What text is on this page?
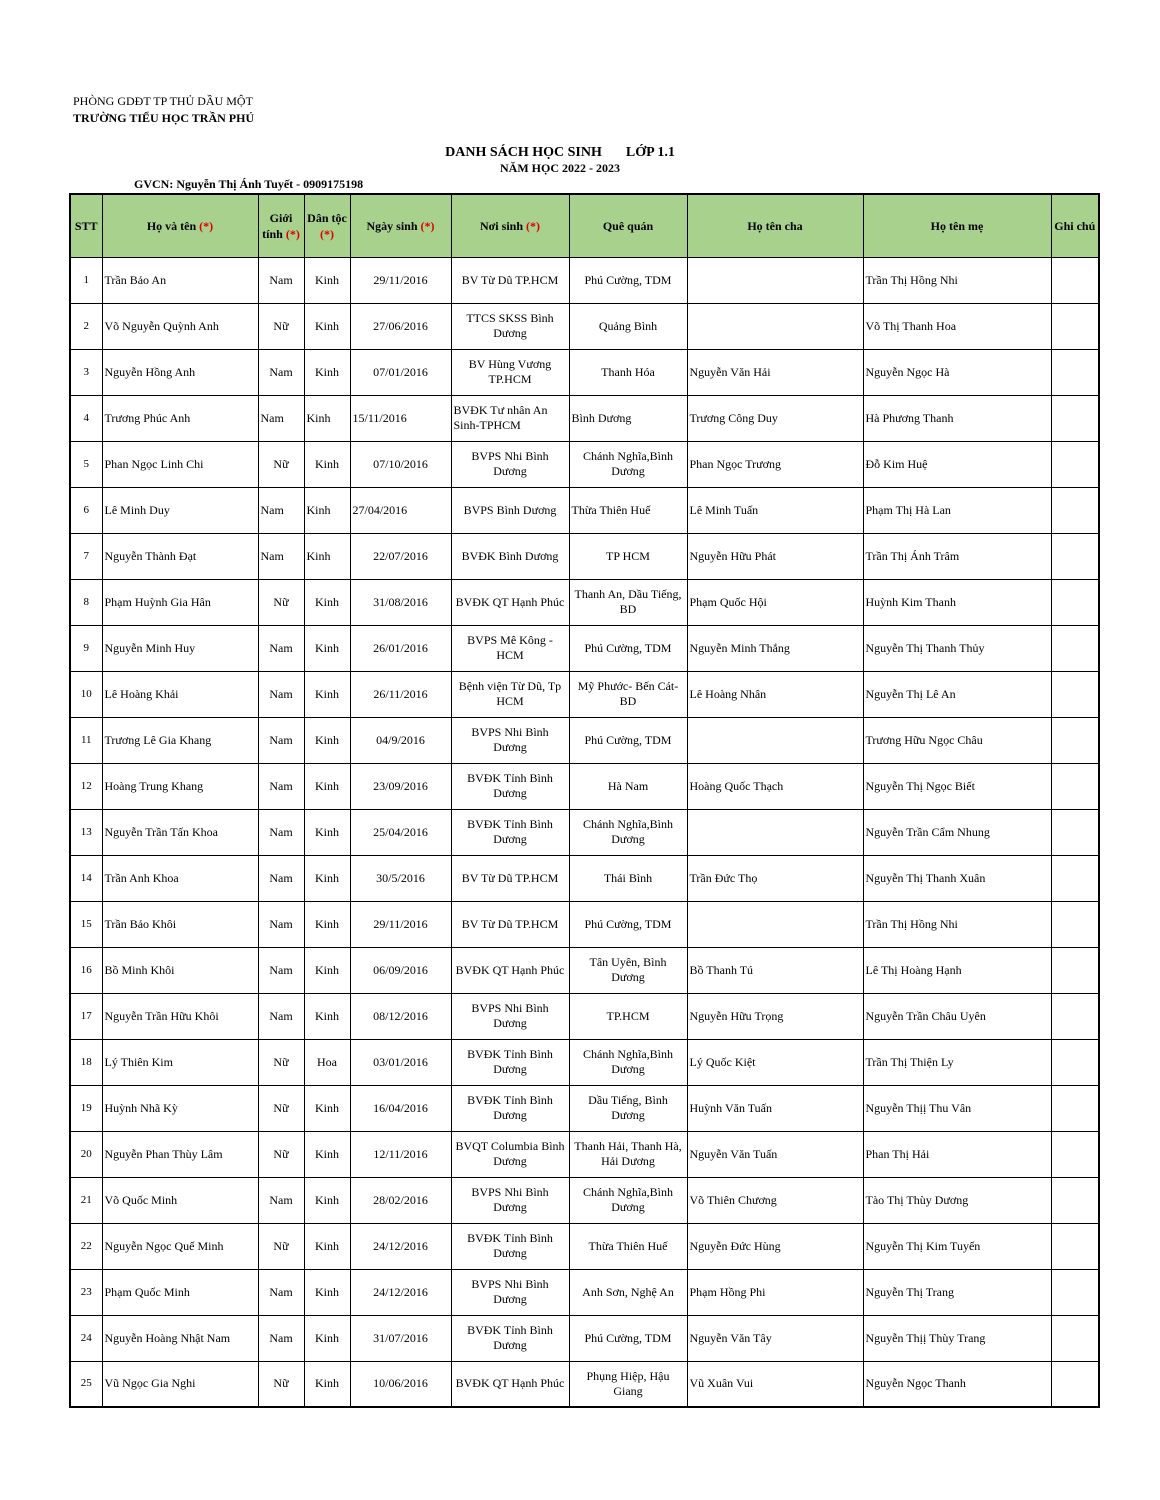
PHÒNG GDĐT TP THỦ DẦU MỘT
TRƯỜNG TIỂU HỌC TRẦN PHÚ
DANH SÁCH HỌC SINH LỚP 1.1
NĂM HỌC 2022 - 2023
GVCN: Nguyễn Thị Ánh Tuyết - 0909175198
STT	Họ và tên (*)	Giới tính (*)	Dân tộc (*)	Ngày sinh (*)	Nơi sinh (*)	Quê quán	Họ tên cha	Họ tên mẹ	Ghi chú
1	Trần Bảo An	Nam	Kinh	29/11/2016	BV Từ Dũ TP.HCM	Phú Cường, TDM		Trần Thị Hồng Nhi	
2	Võ Nguyễn Quỳnh Anh	Nữ	Kinh	27/06/2016	TTCS SKSS Bình Dương	Quảng Bình		Võ Thị Thanh Hoa	
3	Nguyễn Hồng Anh	Nam	Kinh	07/01/2016	BV Hùng Vương TP.HCM	Thanh Hóa	Nguyễn Văn Hải	Nguyễn Ngọc Hà	
4	Trương Phúc Anh	Nam	Kinh	15/11/2016	BVĐK Tư nhân An Sinh-TPHCM	Bình Dương	Trương Công Duy	Hà Phương Thanh	
5	Phan Ngọc Linh Chi	Nữ	Kinh	07/10/2016	BVPS Nhi Bình Dương	Chánh Nghĩa,Bình Dương	Phan Ngọc Trương	Đỗ Kim Huệ	
6	Lê Minh Duy	Nam	Kinh	27/04/2016	BVPS Bình Dương	Thừa Thiên Huế	Lê Minh Tuấn	Phạm Thị Hà Lan	
7	Nguyễn Thành Đạt	Nam	Kinh	22/07/2016	BVĐK Bình Dương	TP HCM	Nguyễn Hữu Phát	Trần Thị Ánh Trâm	
8	Phạm Huỳnh Gia Hân	Nữ	Kinh	31/08/2016	BVĐK QT Hạnh Phúc	Thanh An, Dầu Tiếng, BD	Phạm Quốc Hội	Huỳnh Kim Thanh	
9	Nguyễn Minh Huy	Nam	Kinh	26/01/2016	BVPS Mê Kông - HCM	Phú Cường, TDM	Nguyễn Minh Thắng	Nguyễn Thị Thanh Thủy	
10	Lê Hoàng Khải	Nam	Kinh	26/11/2016	Bệnh viện Từ Dũ, Tp HCM	Mỹ Phước- Bến Cát-BD	Lê Hoàng Nhân	Nguyễn Thị Lê An	
11	Trương Lê Gia Khang	Nam	Kinh	04/9/2016	BVPS Nhi Bình Dương	Phú Cường, TDM		Trương Hữu Ngọc Châu	
12	Hoàng Trung Khang	Nam	Kinh	23/09/2016	BVĐK Tỉnh Bình Dương	Hà Nam	Hoàng Quốc Thạch	Nguyễn Thị Ngọc Biết	
13	Nguyễn Trần Tấn Khoa	Nam	Kinh	25/04/2016	BVĐK Tỉnh Bình Dương	Chánh Nghĩa,Bình Dương		Nguyễn Trần Cẩm Nhung	
14	Trần Anh Khoa	Nam	Kinh	30/5/2016	BV Từ Dũ TP.HCM	Thái Bình	Trần Đức Thọ	Nguyễn Thị Thanh Xuân	
15	Trần Bảo Khôi	Nam	Kinh	29/11/2016	BV Từ Dũ TP.HCM	Phú Cường, TDM		Trần Thị Hồng Nhi	
16	Bồ Minh Khôi	Nam	Kinh	06/09/2016	BVĐK QT Hạnh Phúc	Tân Uyên, Bình Dương	Bồ Thanh Tú	Lê Thị Hoàng Hạnh	
17	Nguyễn Trần Hữu Khôi	Nam	Kinh	08/12/2016	BVPS Nhi Bình Dương	TP.HCM	Nguyễn Hữu Trọng	Nguyễn Trần Châu Uyên	
18	Lý Thiên Kim	Nữ	Hoa	03/01/2016	BVĐK Tỉnh Bình Dương	Chánh Nghĩa,Bình Dương	Lý Quốc Kiệt	Trần Thị Thiện Ly	
19	Huỳnh Nhã Kỳ	Nữ	Kinh	16/04/2016	BVĐK Tỉnh Bình Dương	Dầu Tiếng, Bình Dương	Huỳnh Văn Tuấn	Nguyễn Thịị Thu Vân	
20	Nguyễn Phan Thùy Lâm	Nữ	Kinh	12/11/2016	BVQT Columbia Bình Dương	Thanh Hải, Thanh Hà, Hải Dương	Nguyễn Văn Tuấn	Phan Thị Hải	
21	Võ Quốc Minh	Nam	Kinh	28/02/2016	BVPS Nhi Bình Dương	Chánh Nghĩa,Bình Dương	Võ Thiên Chương	Tào Thị Thùy Dương	
22	Nguyễn Ngọc Quế Minh	Nữ	Kinh	24/12/2016	BVĐK Tỉnh Bình Dương	Thừa Thiên Huế	Nguyễn Đức Hùng	Nguyễn Thị Kim Tuyến	
23	Phạm Quốc Minh	Nam	Kinh	24/12/2016	BVPS Nhi Bình Dương	Anh Sơn, Nghệ An	Phạm Hồng Phi	Nguyễn Thị Trang	
24	Nguyễn Hoàng Nhật Nam	Nam	Kinh	31/07/2016	BVĐK Tỉnh Bình Dương	Phú Cường, TDM	Nguyễn Văn Tây	Nguyễn Thịị Thùy Trang	
25	Vũ Ngọc Gia Nghi	Nữ	Kinh	10/06/2016	BVĐK QT Hạnh Phúc	Phụng Hiệp, Hậu Giang	Vũ Xuân Vui	Nguyễn Ngọc Thanh	
